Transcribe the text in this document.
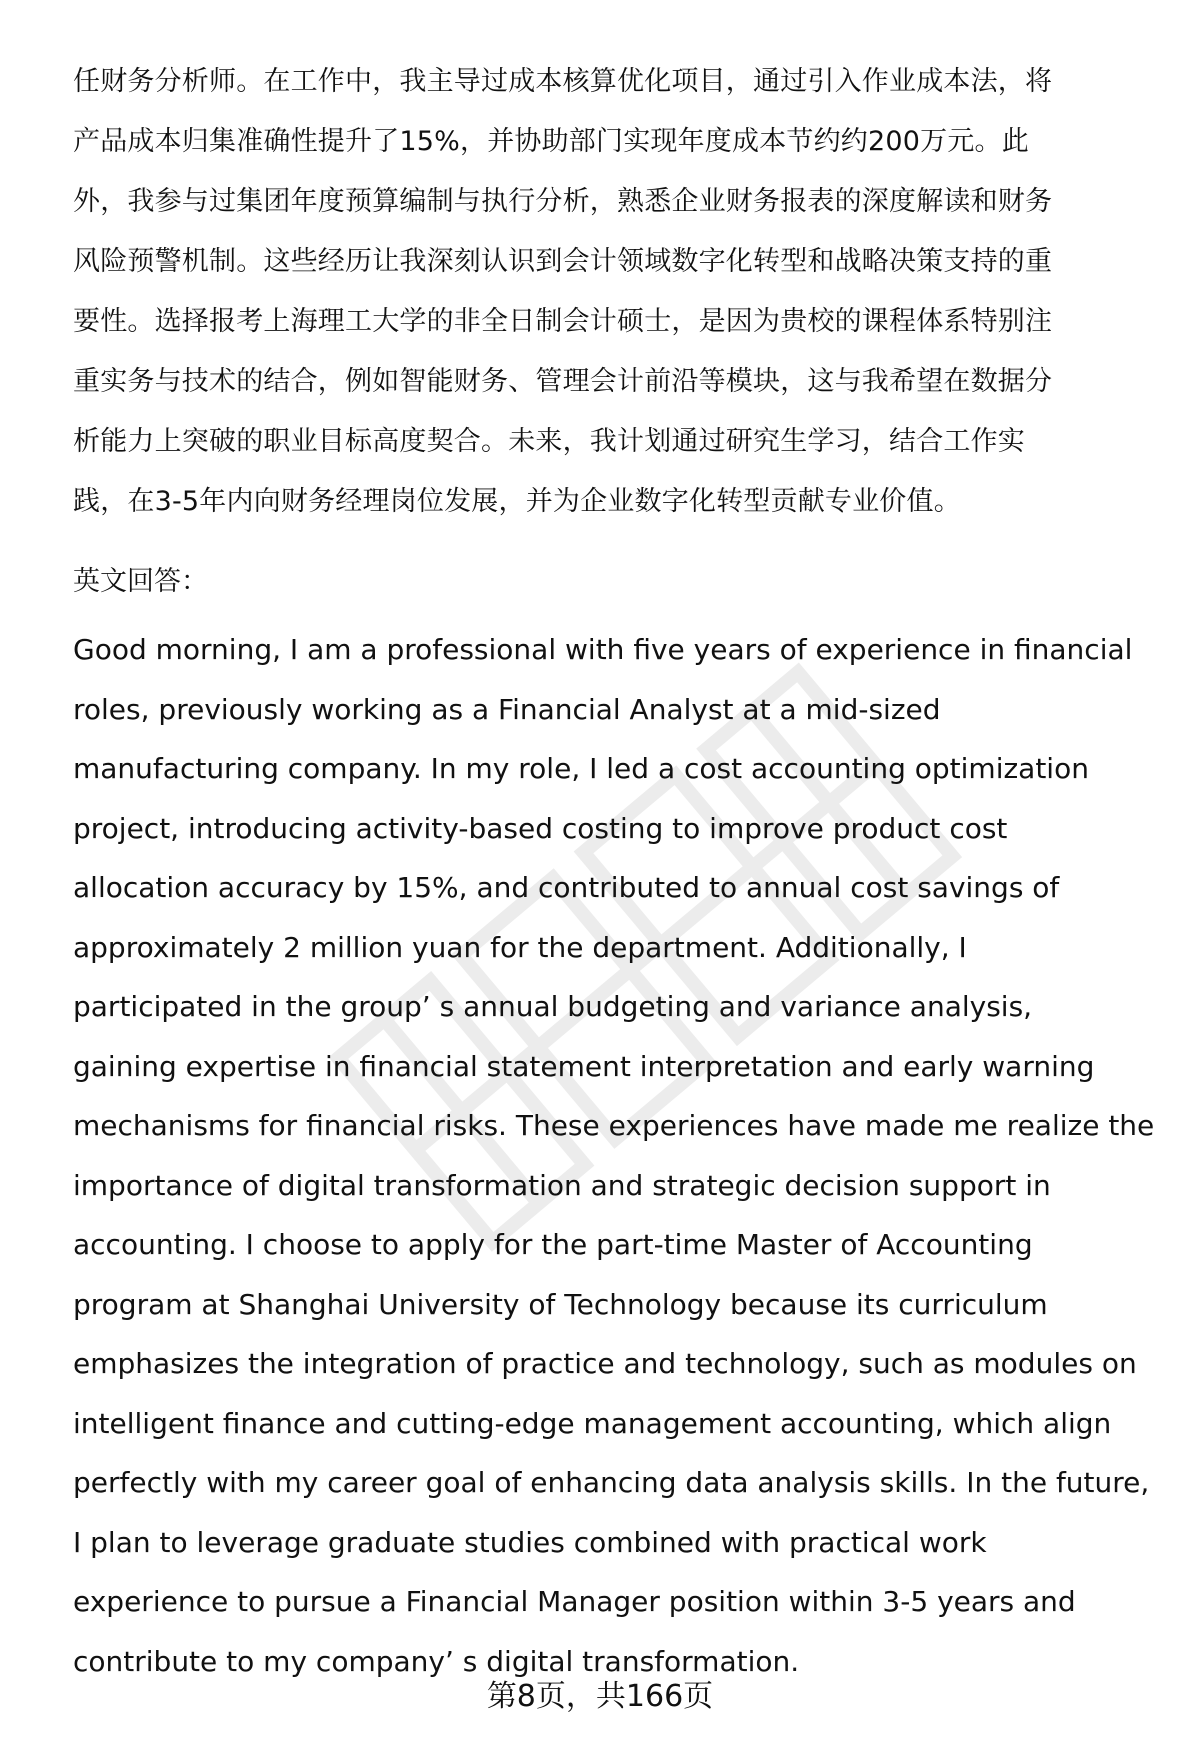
任财务分析师。在工作中，我主导过成本核算优化项目，通过引入作业成本法，将
产品成本归集准确性提升了15%，并协助部门实现年度成本节约约200万元。此
外，我参与过集团年度预算编制与执行分析，熟悉企业财务报表的深度解读和财务
风险预警机制。这些经历让我深刻认识到会计领域数字化转型和战略决策支持的重
要性。选择报考上海理工大学的非全日制会计硕士，是因为贵校的课程体系特别注
重实务与技术的结合，例如智能财务、管理会计前沿等模块，这与我希望在数据分
析能力上突破的职业目标高度契合。未来，我计划通过研究生学习，结合工作实
践，在3-5年内向财务经理岗位发展，并为企业数字化转型贡献专业价值。
英文回答：
Good morning, I am a professional with five years of experience in financial
roles, previously working as a Financial Analyst at a mid-sized
manufacturing company. In my role, I led a cost accounting optimization
project, introducing activity-based costing to improve product cost
allocation accuracy by 15%, and contributed to annual cost savings of
approximately 2 million yuan for the department. Additionally, I
participated in the group’ s annual budgeting and variance analysis,
gaining expertise in financial statement interpretation and early warning
mechanisms for financial risks. These experiences have made me realize the
importance of digital transformation and strategic decision support in
accounting. I choose to apply for the part-time Master of Accounting
program at Shanghai University of Technology because its curriculum
emphasizes the integration of practice and technology, such as modules on
intelligent finance and cutting-edge management accounting, which align
perfectly with my career goal of enhancing data analysis skills. In the future,
I plan to leverage graduate studies combined with practical work
experience to pursue a Financial Manager position within 3-5 years and
contribute to my company’ s digital transformation.
第8页，共166页
